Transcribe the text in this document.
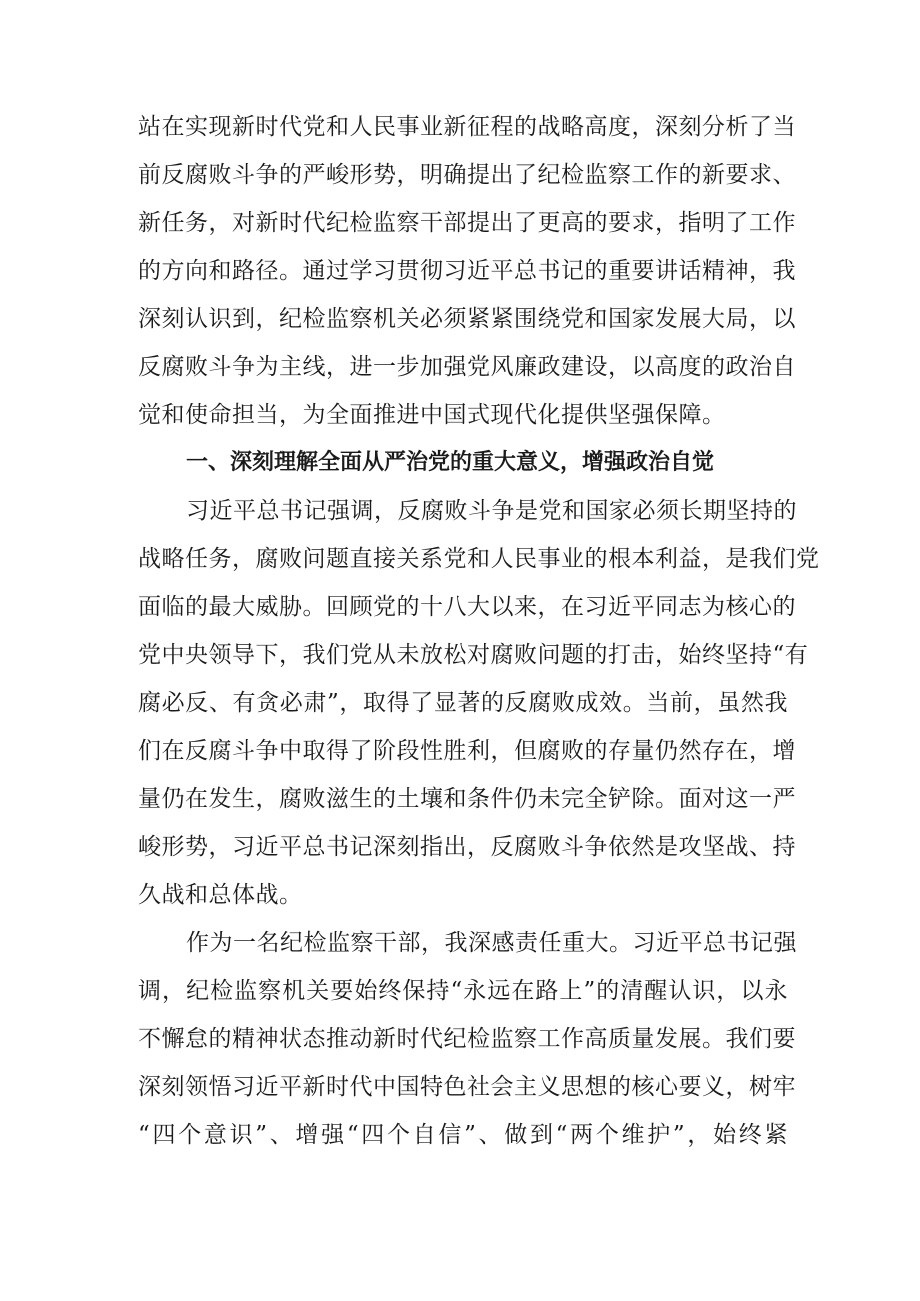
站在实现新时代党和人民事业新征程的战略高度，深刻分析了当
前反腐败斗争的严峻形势，明确提出了纪检监察工作的新要求、
新任务，对新时代纪检监察干部提出了更高的要求，指明了工作
的方向和路径。通过学习贯彻习近平总书记的重要讲话精神，我
深刻认识到，纪检监察机关必须紧紧围绕党和国家发展大局，以
反腐败斗争为主线，进一步加强党风廉政建设，以高度的政治自
觉和使命担当，为全面推进中国式现代化提供坚强保障。
一、深刻理解全面从严治党的重大意义，增强政治自觉
习近平总书记强调，反腐败斗争是党和国家必须长期坚持的
战略任务，腐败问题直接关系党和人民事业的根本利益，是我们党
面临的最大威胁。回顾党的十八大以来，在习近平同志为核心的
党中央领导下，我们党从未放松对腐败问题的打击，始终坚持“有
腐必反、有贪必肃”，取得了显著的反腐败成效。当前，虽然我
们在反腐斗争中取得了阶段性胜利，但腐败的存量仍然存在，增
量仍在发生，腐败滋生的土壤和条件仍未完全铲除。面对这一严
峻形势，习近平总书记深刻指出，反腐败斗争依然是攻坚战、持
久战和总体战。
作为一名纪检监察干部，我深感责任重大。习近平总书记强
调，纪检监察机关要始终保持“永远在路上”的清醒认识，以永
不懈怠的精神状态推动新时代纪检监察工作高质量发展。我们要
深刻领悟习近平新时代中国特色社会主义思想的核心要义，树牢
“四个意识”、增强“四个自信”、做到“两个维护”，始终紧
